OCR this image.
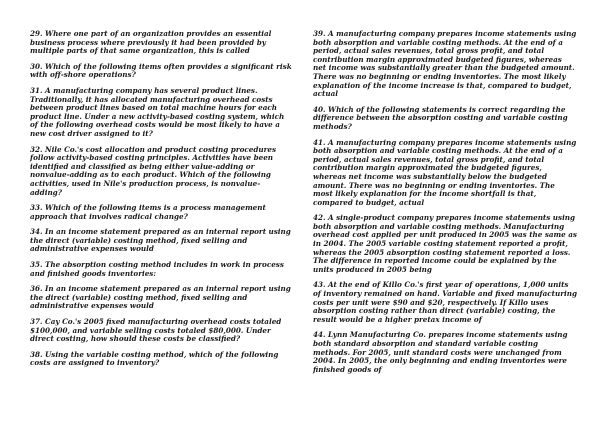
29. Where one part of an organization provides an essential business process where previously it had been provided by multiple parts of that same organization, this is called

30. Which of the following items often provides a significant risk with off-shore operations?

31. A manufacturing company has several product lines. Traditionally, it has allocated manufacturing overhead costs between product lines based on total machine hours for each product line. Under a new activity-based costing system, which of the following overhead costs would be most likely to have a new cost driver assigned to it?

32. Nile Co.'s cost allocation and product costing procedures follow activity-based costing principles. Activities have been identified and classified as being either value-adding or nonvalue-adding as to each product. Which of the following activities, used in Nile's production process, is nonvalue-adding?

33. Which of the following items is a process management approach that involves radical change?

34. In an income statement prepared as an internal report using the direct (variable) costing method, fixed selling and administrative expenses would

35. The absorption costing method includes in work in process and finished goods inventories:

36. In an income statement prepared as an internal report using the direct (variable) costing method, fixed selling and administrative expenses would

37. Cay Co.'s 2005 fixed manufacturing overhead costs totaled $100,000, and variable selling costs totaled $80,000. Under direct costing, how should these costs be classified?

38. Using the variable costing method, which of the following costs are assigned to inventory?

39. A manufacturing company prepares income statements using both absorption and variable costing methods. At the end of a period, actual sales revenues, total gross profit, and total contribution margin approximated budgeted figures, whereas net income was substantially greater than the budgeted amount. There was no beginning or ending inventories. The most likely explanation of the income increase is that, compared to budget, actual

40. Which of the following statements is correct regarding the difference between the absorption costing and variable costing methods?

41. A manufacturing company prepares income statements using both absorption and variable costing methods. At the end of a period, actual sales revenues, total gross profit, and total contribution margin approximated the budgeted figures, whereas net income was substantially below the budgeted amount. There was no beginning or ending inventories. The most likely explanation for the income shortfall is that, compared to budget, actual

42. A single-product company prepares income statements using both absorption and variable costing methods. Manufacturing overhead cost applied per unit produced in 2005 was the same as in 2004. The 2005 variable costing statement reported a profit, whereas the 2005 absorption costing statement reported a loss. The difference in reported income could be explained by the units produced in 2005 being

43. At the end of Killo Co.'s first year of operations, 1,000 units of inventory remained on hand. Variable and fixed manufacturing costs per unit were $90 and $20, respectively. If Killo uses absorption costing rather than direct (variable) costing, the result would be a higher pretax income of

44. Lynn Manufacturing Co. prepares income statements using both standard absorption and standard variable costing methods. For 2005, unit standard costs were unchanged from 2004. In 2005, the only beginning and ending inventories were finished goods of
